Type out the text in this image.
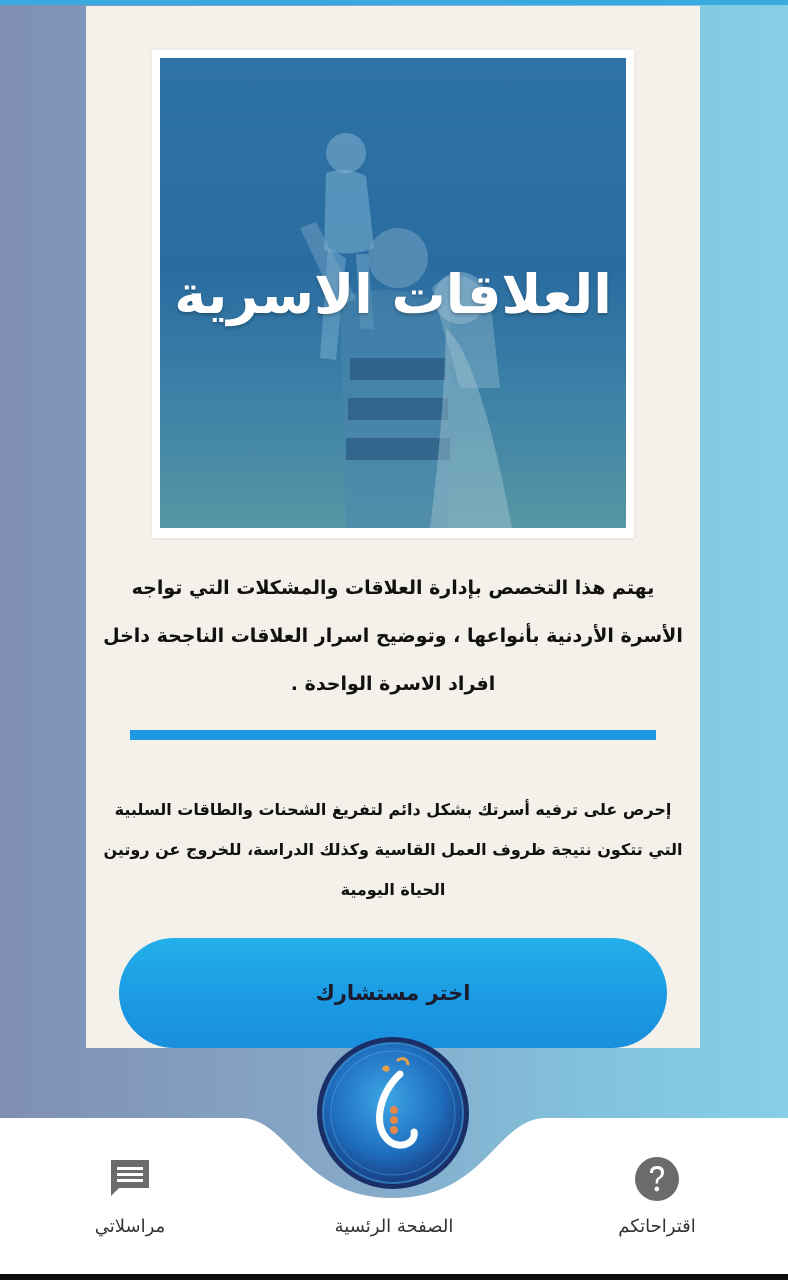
العلاقات الاسرية
يهتم هذا التخصص بإدارة العلاقات والمشكلات التي تواجه الأسرة الأردنية بأنواعها ، وتوضيح اسرار العلاقات الناجحة داخل افراد الاسرة الواحدة .
إحرص على ترفيه أسرتك بشكل دائم لتفريغ الشحنات والطاقات السلبية التي تتكون نتيجة ظروف العمل القاسية وكذلك الدراسة، للخروج عن روتين الحياة اليومية
اختر مستشارك
مراسلاتي	الصفحة الرئسية	اقتراحاتكم
